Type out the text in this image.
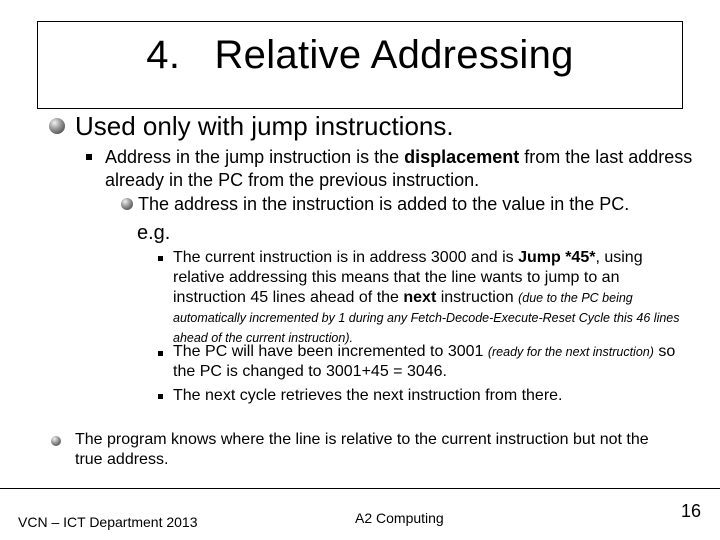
4.   Relative Addressing
Used only with jump instructions.
Address in the jump instruction is the displacement from the last address already in the PC from the previous instruction.
The address in the instruction is added to the value in the PC.
e.g.
The current instruction is in address 3000 and is Jump *45*, using relative addressing this means that the line wants to jump to an instruction 45 lines ahead of the next instruction (due to the PC being automatically incremented by 1 during any Fetch-Decode-Execute-Reset Cycle this 46 lines ahead of the current instruction).
The PC will have been incremented to 3001 (ready for the next instruction) so the PC is changed to 3001+45 = 3046.
The next cycle retrieves the next instruction from there.
The program knows where the line is relative to the current instruction but not the true address.
VCN – ICT Department 2013	A2 Computing	16
